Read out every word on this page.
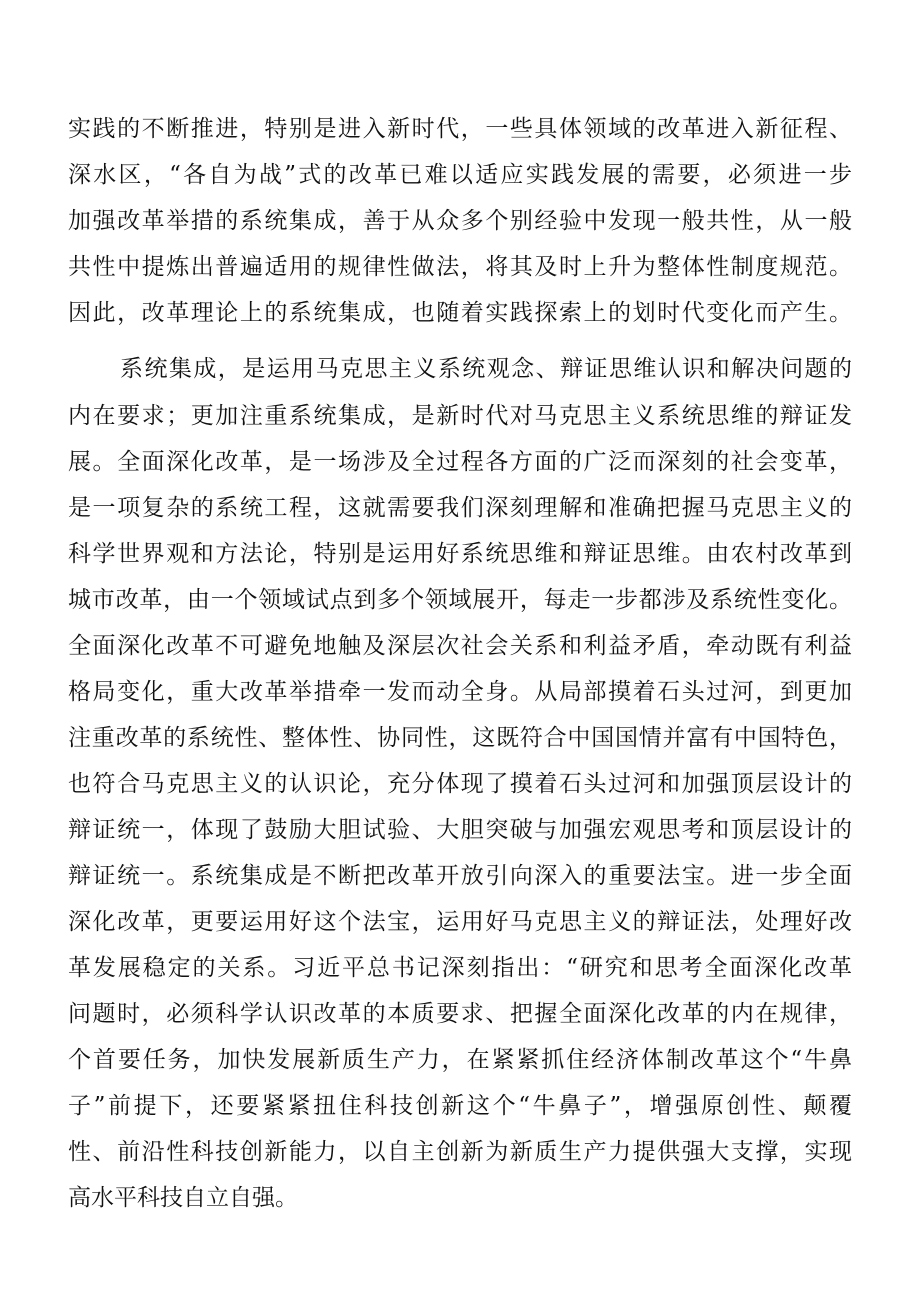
实践的不断推进，特别是进入新时代，一些具体领域的改革进入新征程、

深水区，“各自为战”式的改革已难以适应实践发展的需要，必须进一步

加强改革举措的系统集成，善于从众多个别经验中发现一般共性，从一般

共性中提炼出普遍适用的规律性做法，将其及时上升为整体性制度规范。

因此，改革理论上的系统集成，也随着实践探索上的划时代变化而产生。

系统集成，是运用马克思主义系统观念、辩证思维认识和解决问题的

内在要求；更加注重系统集成，是新时代对马克思主义系统思维的辩证发

展。全面深化改革，是一场涉及全过程各方面的广泛而深刻的社会变革，

是一项复杂的系统工程，这就需要我们深刻理解和准确把握马克思主义的

科学世界观和方法论，特别是运用好系统思维和辩证思维。由农村改革到

城市改革，由一个领域试点到多个领域展开，每走一步都涉及系统性变化。

全面深化改革不可避免地触及深层次社会关系和利益矛盾，牵动既有利益

格局变化，重大改革举措牵一发而动全身。从局部摸着石头过河，到更加

注重改革的系统性、整体性、协同性，这既符合中国国情并富有中国特色，

也符合马克思主义的认识论，充分体现了摸着石头过河和加强顶层设计的

辩证统一，体现了鼓励大胆试验、大胆突破与加强宏观思考和顶层设计的

辩证统一。系统集成是不断把改革开放引向深入的重要法宝。进一步全面

深化改革，更要运用好这个法宝，运用好马克思主义的辩证法，处理好改

革发展稳定的关系。习近平总书记深刻指出：“研究和思考全面深化改革

问题时，必须科学认识改革的本质要求、把握全面深化改革的内在规律，

个首要任务，加快发展新质生产力，在紧紧抓住经济体制改革这个“牛鼻

子”前提下，还要紧紧扭住科技创新这个“牛鼻子”，增强原创性、颠覆

性、前沿性科技创新能力，以自主创新为新质生产力提供强大支撑，实现

高水平科技自立自强。
